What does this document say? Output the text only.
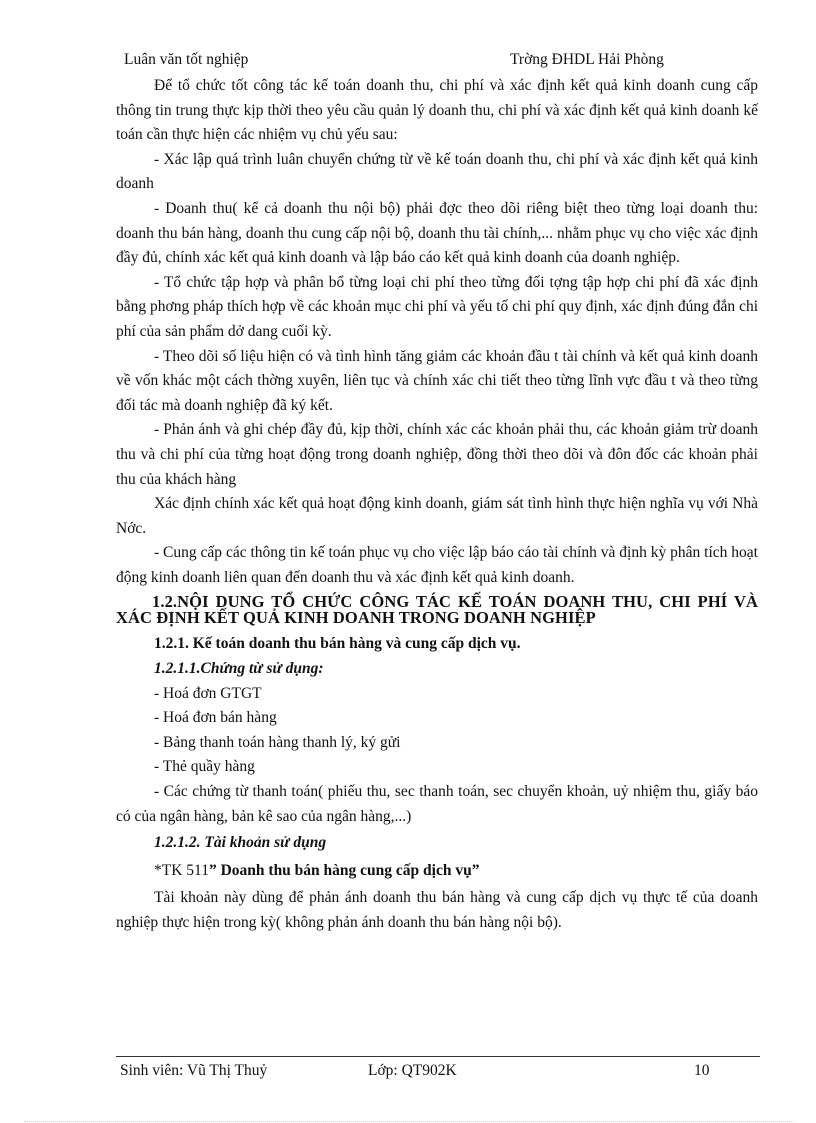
Luân văn tốt nghiệp	Trờng ĐHDL Hải Phòng

Để tổ chức tốt công tác kế toán doanh thu, chi phí và xác định kết quả kinh doanh cung cấp thông tin trung thực kịp thời theo yêu cầu quản lý doanh thu, chi phí và xác định kết quả kinh doanh kế toán cần thực hiện các nhiệm vụ chủ yếu sau:

- Xác lập quá trình luân chuyển chứng từ về kế toán doanh thu, chi phí và xác định kết quả kinh doanh

- Doanh thu( kể cả doanh thu nội bộ) phải đợc theo dõi riêng biệt theo từng loại doanh thu: doanh thu bán hàng, doanh thu cung cấp nội bộ, doanh thu tài chính,... nhằm phục vụ cho việc xác định đầy đủ, chính xác kết quả kinh doanh và lập báo cáo kết quả kinh doanh của doanh nghiệp.

- Tổ chức tập hợp và phân bổ từng loại chi phí theo từng đối tợng tập hợp chi phí đã xác định bằng phơng pháp thích hợp về các khoản mục chi phí và yếu tố chi phí quy định, xác định đúng đắn chi phí của sản phẩm dở dang cuối kỳ.

- Theo dõi số liệu hiện có và tình hình tăng giảm các khoản đầu t tài chính và kết quả kinh doanh về vốn khác một cách thờng xuyên, liên tục và chính xác chi tiết theo từng lĩnh vực đầu t và theo từng đối tác mà doanh nghiệp đã ký kết.

- Phản ánh và ghi chép đầy đủ, kịp thời, chính xác các khoản phải thu, các khoản giảm trừ doanh thu và chi phí của từng hoạt động trong doanh nghiệp, đồng thời theo dõi và đôn đốc các khoản phải thu của khách hàng

Xác định chính xác kết quả hoạt động kinh doanh, giám sát tình hình thực hiện nghĩa vụ với Nhà Nớc.

- Cung cấp các thông tin kế toán phục vụ cho việc lập báo cáo tài chính và định kỳ phân tích hoạt động kinh doanh liên quan đến doanh thu và xác định kết quả kinh doanh.

1.2.NỘI DUNG TỔ CHỨC CÔNG TÁC KẾ TOÁN DOANH THU, CHI PHÍ VÀ XÁC ĐỊNH KẾT QUẢ KINH DOANH TRONG DOANH NGHIỆP

1.2.1. Kế toán doanh thu bán hàng và cung cấp dịch vụ.

1.2.1.1.Chứng từ sử dụng:

- Hoá đơn GTGT

- Hoá đơn bán hàng

- Bảng thanh toán hàng thanh lý, ký gửi

- Thẻ quầy hàng

- Các chứng từ thanh toán( phiếu thu, sec thanh toán, sec chuyển khoản, uỷ nhiệm thu, giấy báo có của ngân hàng, bản kê sao của ngân hàng,...)

1.2.1.2. Tài khoản sử dụng

*TK 511” Doanh thu bán hàng cung cấp dịch vụ”

Tài khoản này dùng để phản ánh doanh thu bán hàng và cung cấp dịch vụ thực tế của doanh nghiệp thực hiện trong kỳ( không phản ánh doanh thu bán hàng nội bộ).

Sinh viên: Vũ Thị Thuỷ	Lớp: QT902K	10
